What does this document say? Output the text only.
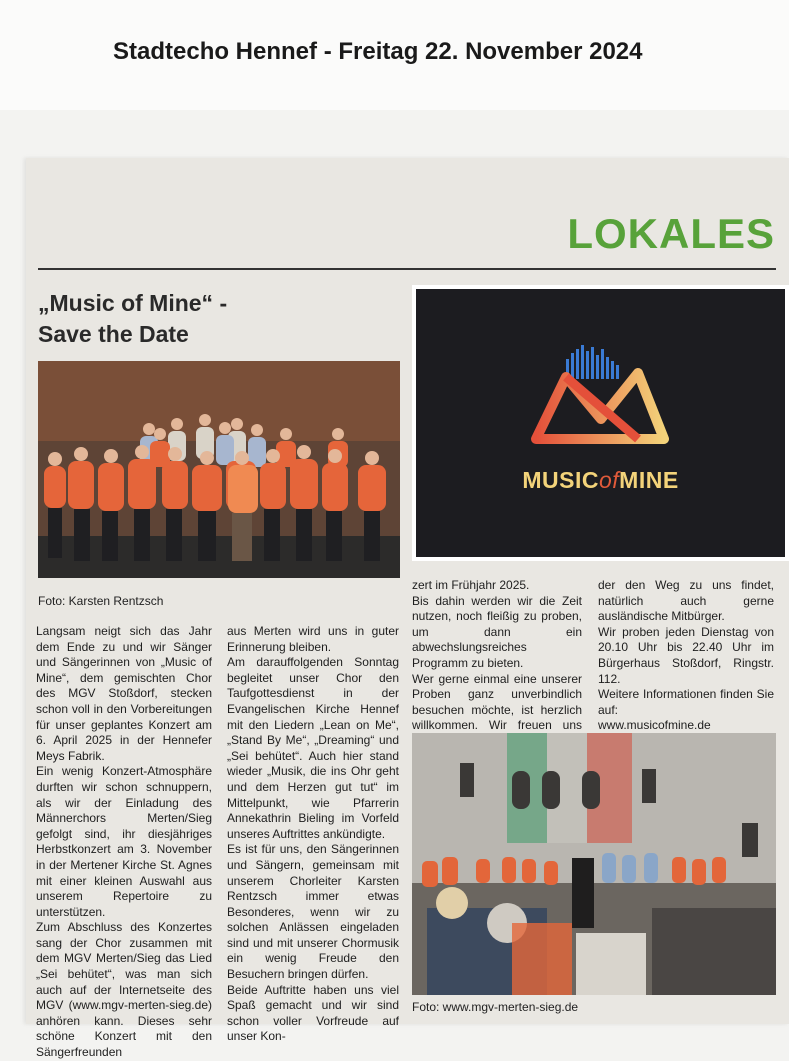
Stadtecho Hennef - Freitag 22. November 2024
LOKALES
„Music of Mine“ -
Save the Date
MUSICofMINE
Foto: Karsten Rentzsch

Langsam neigt sich das Jahr dem Ende zu und wir Sänger und Sängerinnen von „Music of Mine“, dem gemischten Chor des MGV Stoßdorf, stecken schon voll in den Vorbereitungen für unser geplantes Konzert am 6. April 2025 in der Hennefer Meys Fabrik.

Ein wenig Konzert-Atmosphäre durften wir schon schnuppern, als wir der Einladung des Männerchors Merten/Sieg gefolgt sind, ihr diesjähriges Herbstkonzert am 3. November in der Mertener Kirche St. Agnes mit einer kleinen Auswahl aus unserem Repertoire zu unterstützen.

Zum Abschluss des Konzertes sang der Chor zusammen mit dem MGV Merten/Sieg das Lied „Sei behütet“, was man sich auch auf der Internetseite des MGV (www.mgv-merten-sieg.de) anhören kann. Dieses sehr schöne Konzert mit den Sängerfreunden

aus Merten wird uns in guter Erinnerung bleiben.

Am darauffolgenden Sonntag begleitet unser Chor den Taufgottesdienst in der Evangelischen Kirche Hennef mit den Liedern „Lean on Me“, „Stand By Me“, „Dreaming“ und „Sei behütet“. Auch hier stand wieder „Musik, die ins Ohr geht und dem Herzen gut tut“ im Mittelpunkt, wie Pfarrerin Annekathrin Bieling im Vorfeld unseres Auftrittes ankündigte.

Es ist für uns, den Sängerinnen und Sängern, gemeinsam mit unserem Chorleiter Karsten Rentzsch immer etwas Besonderes, wenn wir zu solchen Anlässen eingeladen sind und mit unserer Chormusik ein wenig Freude den Besuchern bringen dürfen.

Beide Auftritte haben uns viel Spaß gemacht und wir sind schon voller Vorfreude auf unser Kon-

zert im Frühjahr 2025.

Bis dahin werden wir die Zeit nutzen, noch fleißig zu proben, um dann ein abwechslungsreiches Programm zu bieten.

Wer gerne einmal eine unserer Proben ganz unverbindlich besuchen möchte, ist herzlich willkommen. Wir freuen uns

der den Weg zu uns findet, natürlich auch gerne ausländische Mitbürger.

Wir proben jeden Dienstag von 20.10 Uhr bis 22.40 Uhr im Bürgerhaus Stoßdorf, Ringstr. 112.

Weitere Informationen finden Sie auf:

www.musicofmine.de

Foto: www.mgv-merten-sieg.de
